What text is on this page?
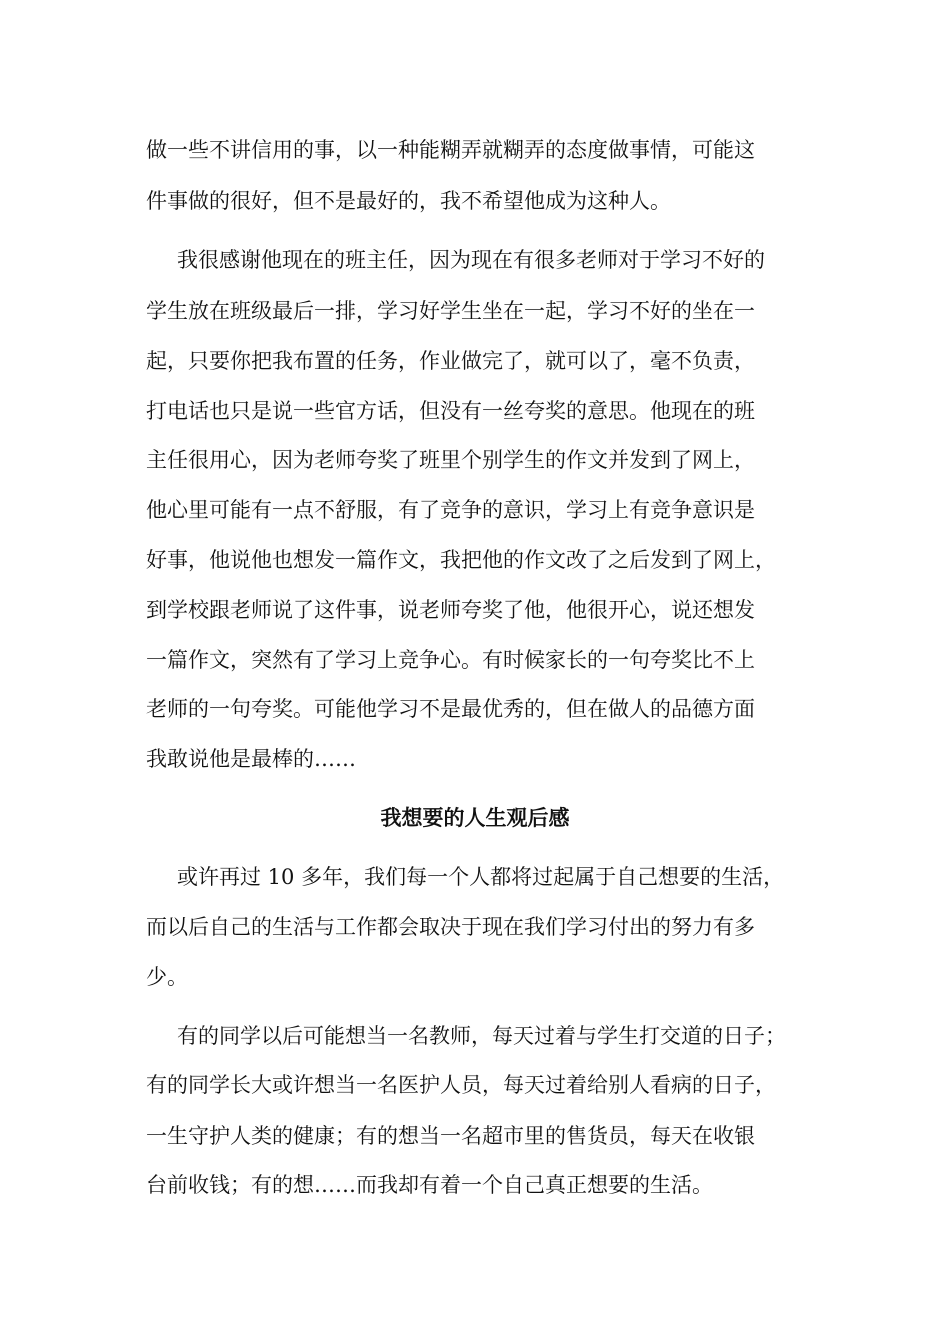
做一些不讲信用的事，以一种能糊弄就糊弄的态度做事情，可能这
件事做的很好，但不是最好的，我不希望他成为这种人。
我很感谢他现在的班主任，因为现在有很多老师对于学习不好的
学生放在班级最后一排，学习好学生坐在一起，学习不好的坐在一
起，只要你把我布置的任务，作业做完了，就可以了，毫不负责，
打电话也只是说一些官方话，但没有一丝夸奖的意思。他现在的班
主任很用心，因为老师夸奖了班里个别学生的作文并发到了网上，
他心里可能有一点不舒服，有了竞争的意识，学习上有竞争意识是
好事，他说他也想发一篇作文，我把他的作文改了之后发到了网上，
到学校跟老师说了这件事，说老师夸奖了他，他很开心，说还想发
一篇作文，突然有了学习上竞争心。有时候家长的一句夸奖比不上
老师的一句夸奖。可能他学习不是最优秀的，但在做人的品德方面
我敢说他是最棒的……
我想要的人生观后感
或许再过 10 多年，我们每一个人都将过起属于自己想要的生活，
而以后自己的生活与工作都会取决于现在我们学习付出的努力有多
少。
有的同学以后可能想当一名教师，每天过着与学生打交道的日子；
有的同学长大或许想当一名医护人员，每天过着给别人看病的日子，
一生守护人类的健康；有的想当一名超市里的售货员，每天在收银
台前收钱；有的想……而我却有着一个自己真正想要的生活。
